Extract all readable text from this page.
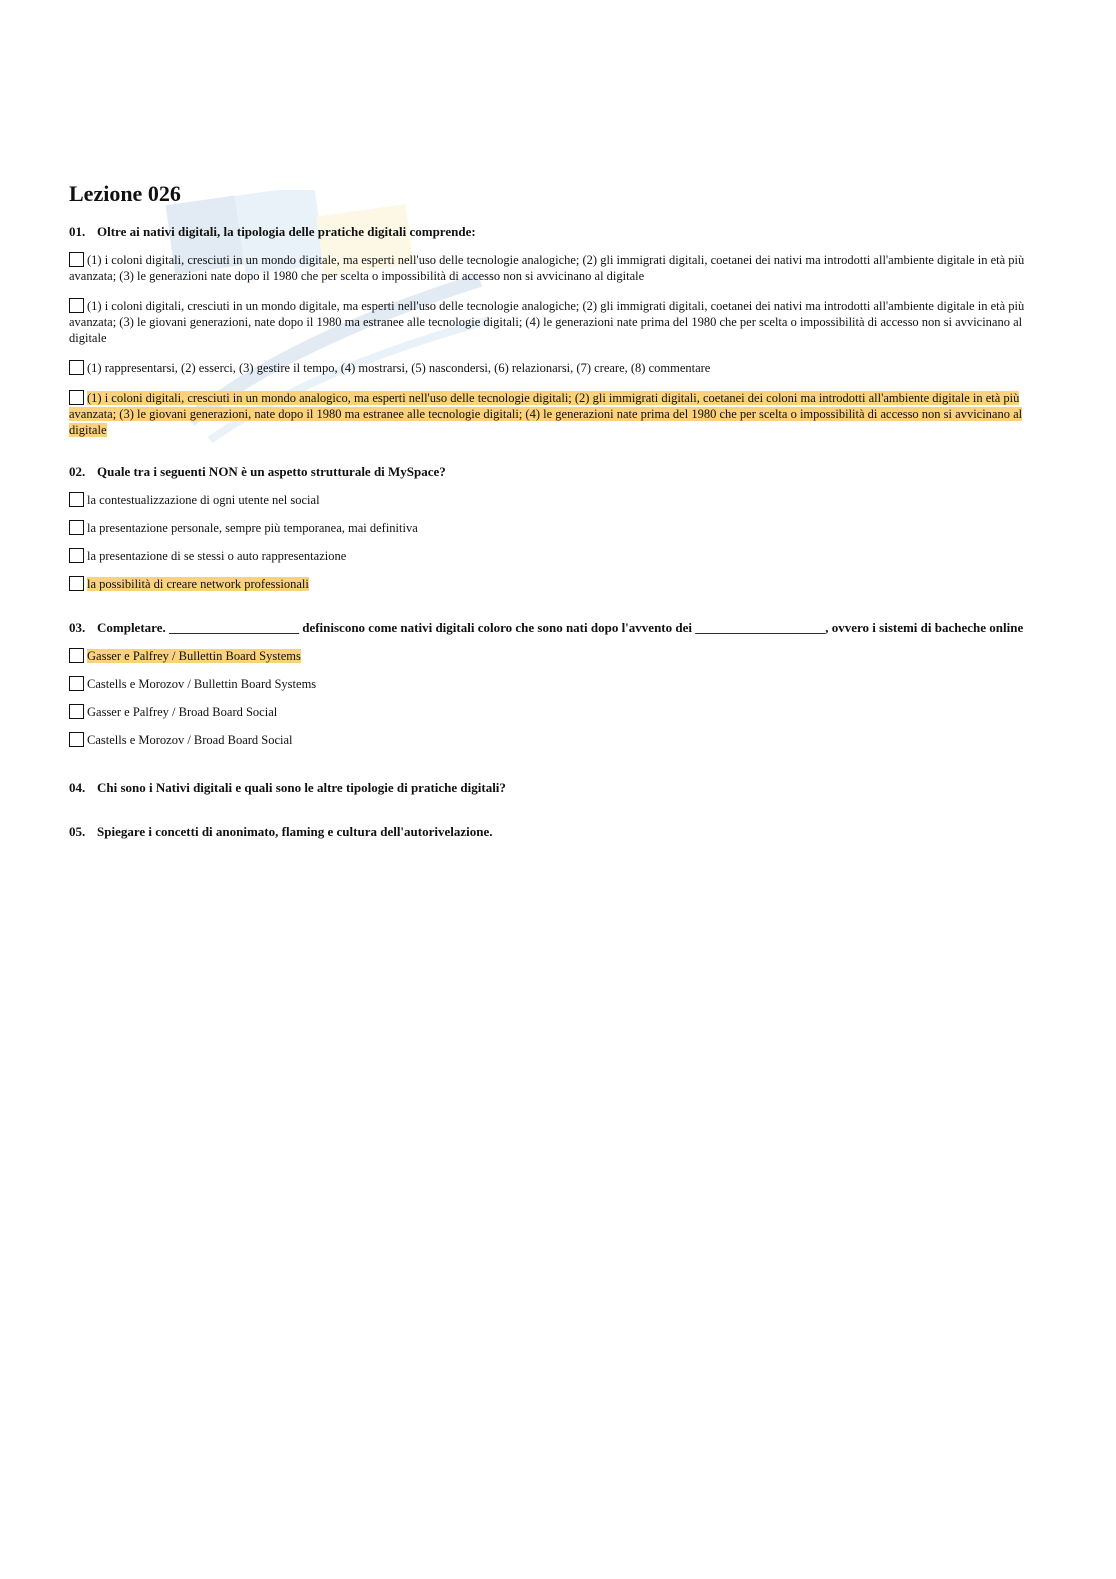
Lezione 026

01. Oltre ai nativi digitali, la tipologia delle pratiche digitali comprende:

(1) i coloni digitali, cresciuti in un mondo digitale, ma esperti nell'uso delle tecnologie analogiche; (2) gli immigrati digitali, coetanei dei nativi ma introdotti all'ambiente digitale in età più avanzata; (3) le generazioni nate dopo il 1980 che per scelta o impossibilità di accesso non si avvicinano al digitale

(1) i coloni digitali, cresciuti in un mondo digitale, ma esperti nell'uso delle tecnologie analogiche; (2) gli immigrati digitali, coetanei dei nativi ma introdotti all'ambiente digitale in età più avanzata; (3) le giovani generazioni, nate dopo il 1980 ma estranee alle tecnologie digitali; (4) le generazioni nate prima del 1980 che per scelta o impossibilità di accesso non si avvicinano al digitale

(1) rappresentarsi, (2) esserci, (3) gestire il tempo, (4) mostrarsi, (5) nascondersi, (6) relazionarsi, (7) creare, (8) commentare

(1) i coloni digitali, cresciuti in un mondo analogico, ma esperti nell'uso delle tecnologie digitali; (2) gli immigrati digitali, coetanei dei coloni ma introdotti all'ambiente digitale in età più avanzata; (3) le giovani generazioni, nate dopo il 1980 ma estranee alle tecnologie digitali; (4) le generazioni nate prima del 1980 che per scelta o impossibilità di accesso non si avvicinano al digitale

02. Quale tra i seguenti NON è un aspetto strutturale di MySpace?

la contestualizzazione di ogni utente nel social

la presentazione personale, sempre più temporanea, mai definitiva

la presentazione di se stessi o auto rappresentazione

la possibilità di creare network professionali

03. Completare. ____________________ definiscono come nativi digitali coloro che sono nati dopo l'avvento dei ____________________, ovvero i sistemi di bacheche online

Gasser e Palfrey / Bullettin Board Systems

Castells e Morozov / Bullettin Board Systems

Gasser e Palfrey / Broad Board Social

Castells e Morozov / Broad Board Social

04. Chi sono i Nativi digitali e quali sono le altre tipologie di pratiche digitali?

05. Spiegare i concetti di anonimato, flaming e cultura dell'autorivelazione.
